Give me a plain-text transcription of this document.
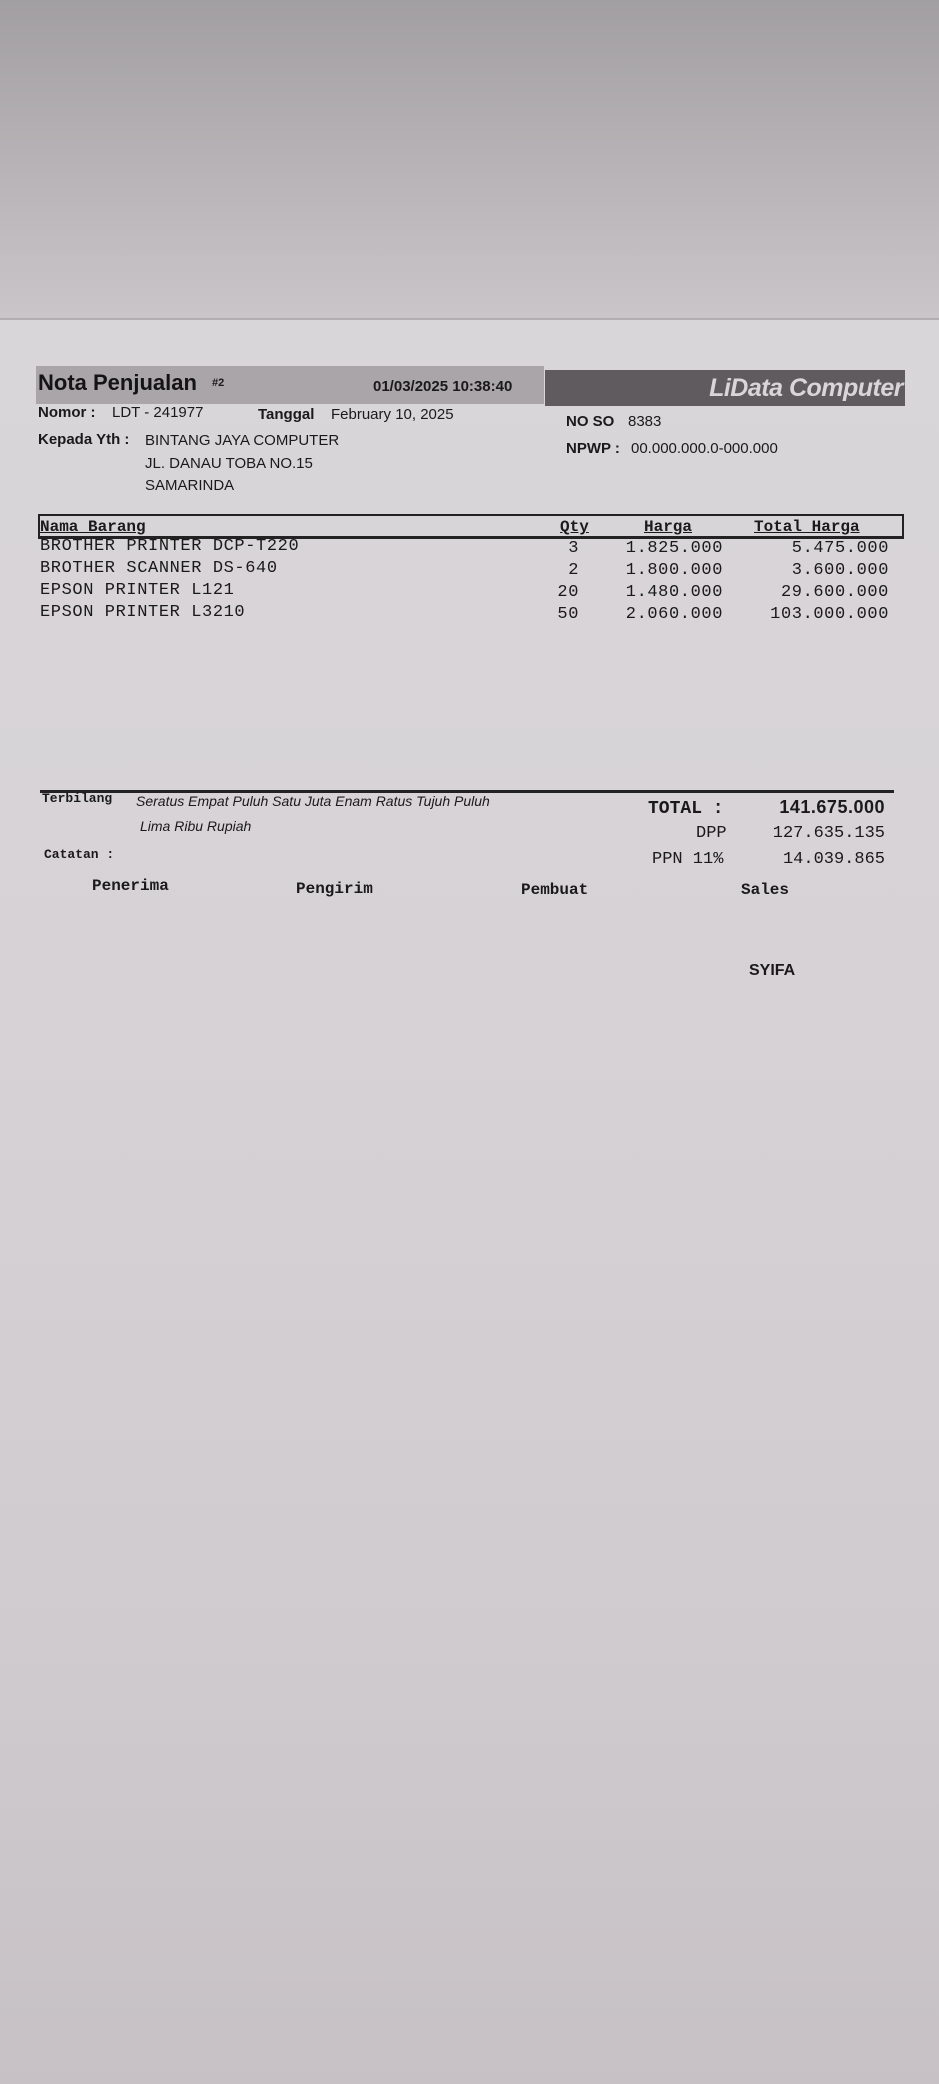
Nota Penjualan #2	01/03/2025 10:38:40	LiData Computer
Nomor : LDT - 241977	Tanggal February 10, 2025	NO SO 8383
Kepada Yth : BINTANG JAYA COMPUTER
JL. DANAU TOBA NO.15
SAMARINDA
NPWP : 00.000.000.0-000.000
Nama Barang	Qty	Harga	Total Harga
BROTHER PRINTER DCP-T220	3	1.825.000	5.475.000
BROTHER SCANNER DS-640	2	1.800.000	3.600.000
EPSON PRINTER L121	20	1.480.000	29.600.000
EPSON PRINTER L3210	50	2.060.000	103.000.000
Terbilang Seratus Empat Puluh Satu Juta Enam Ratus Tujuh Puluh
Lima Ribu Rupiah
Catatan :
TOTAL :	141.675.000
DPP	127.635.135
PPN 11%	14.039.865
Penerima	Pengirim	Pembuat	Sales
SYIFA
